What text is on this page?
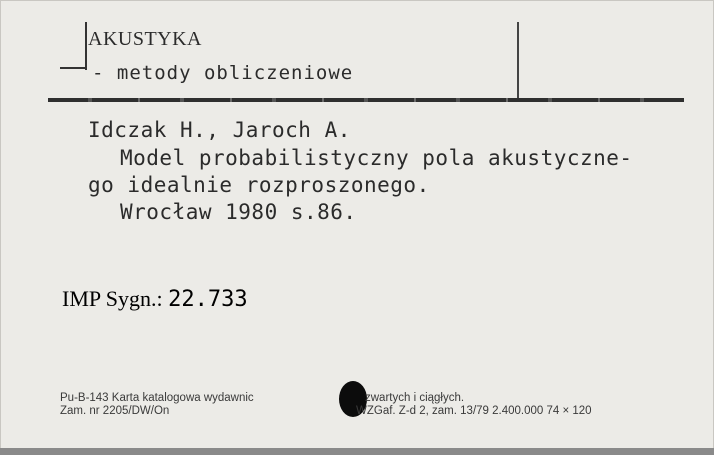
AKUSTYKA
- metody obliczeniowe
Idczak H., Jaroch A.
Model probabilistyczny pola akustyczne-
go idealnie rozproszonego.
Wrocław 1980 s.86.
IMP Sygn.: 22.733
Pu-B-143 Karta katalogowa wydawnic	zwartych i ciągłych.
Zam. nr 2205/DW/On	WZGaf. Z-d 2, zam. 13/79 2.400.000 74 × 120
